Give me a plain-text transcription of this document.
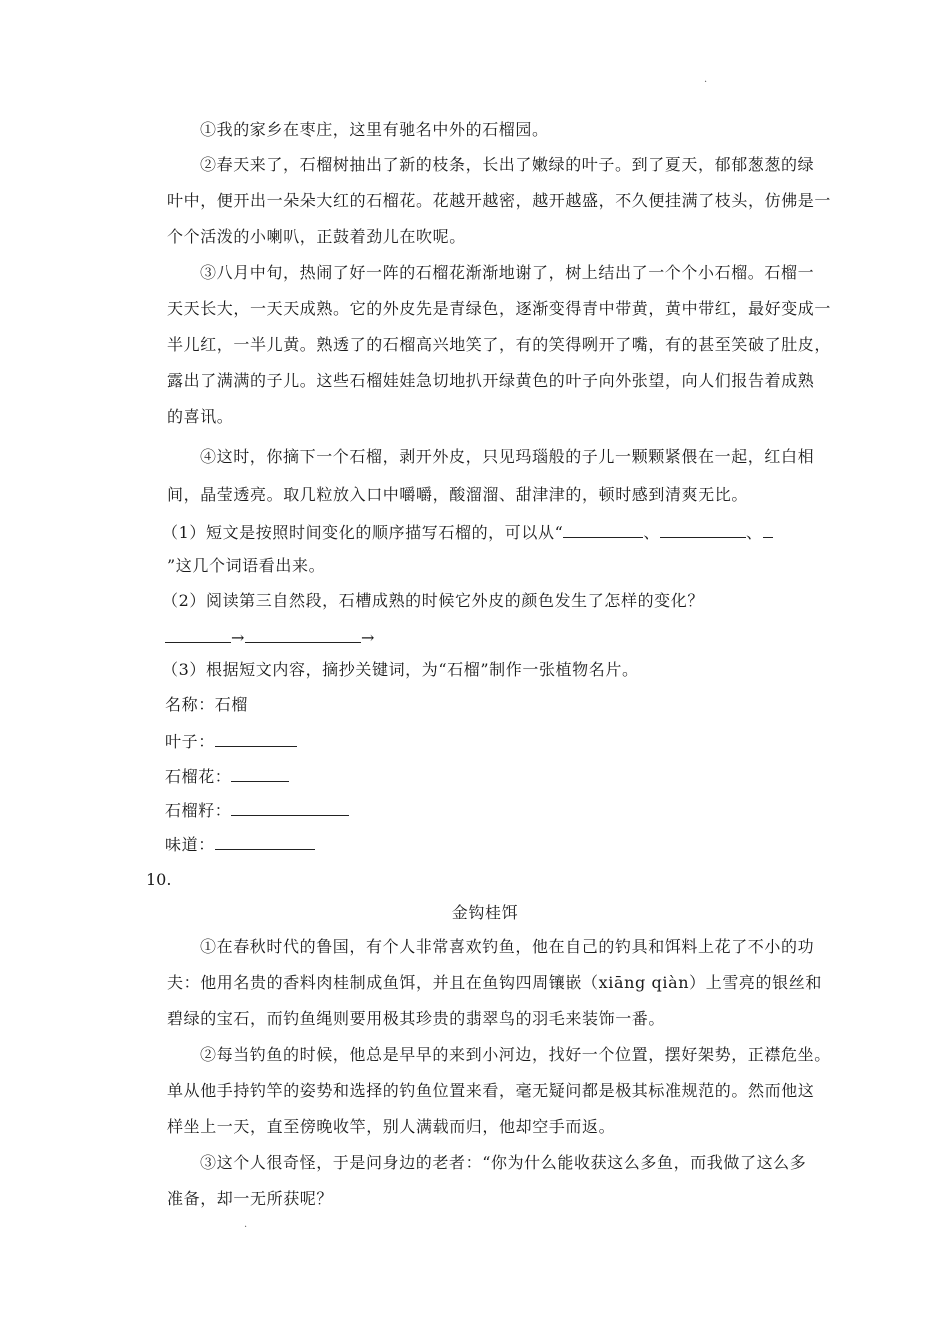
·
①我的家乡在枣庄，这里有驰名中外的石榴园。
②春天来了，石榴树抽出了新的枝条，长出了嫩绿的叶子。到了夏天，郁郁葱葱的绿
叶中，便开出一朵朵大红的石榴花。花越开越密，越开越盛，不久便挂满了枝头，仿佛是一
个个活泼的小喇叭，正鼓着劲儿在吹呢。
③八月中旬，热闹了好一阵的石榴花渐渐地谢了，树上结出了一个个小石榴。石榴一
天天长大，一天天成熟。它的外皮先是青绿色，逐渐变得青中带黄，黄中带红，最好变成一
半儿红，一半儿黄。熟透了的石榴高兴地笑了，有的笑得咧开了嘴，有的甚至笑破了肚皮，
露出了满满的子儿。这些石榴娃娃急切地扒开绿黄色的叶子向外张望，向人们报告着成熟
的喜讯。
④这时，你摘下一个石榴，剥开外皮，只见玛瑙般的子儿一颗颗紧偎在一起，红白相
间，晶莹透亮。取几粒放入口中嚼嚼，酸溜溜、甜津津的，顿时感到清爽无比。
（1）短文是按照时间变化的顺序描写石榴的，可以从“	、	、
”这几个词语看出来。
（2）阅读第三自然段，石槽成熟的时候它外皮的颜色发生了怎样的变化？
→	→
（3）根据短文内容，摘抄关键词，为“石榴”制作一张植物名片。
名称：石榴
叶子：
石榴花：
石榴籽：
味道：
10.
金钩桂饵
①在春秋时代的鲁国，有个人非常喜欢钓鱼，他在自己的钓具和饵料上花了不小的功
夫：他用名贵的香料肉桂制成鱼饵，并且在鱼钩四周镶嵌（xiāng qiàn）上雪亮的银丝和
碧绿的宝石，而钓鱼绳则要用极其珍贵的翡翠鸟的羽毛来装饰一番。
②每当钓鱼的时候，他总是早早的来到小河边，找好一个位置，摆好架势，正襟危坐。
单从他手持钓竿的姿势和选择的钓鱼位置来看，毫无疑问都是极其标准规范的。然而他这
样坐上一天，直至傍晚收竿，别人满载而归，他却空手而返。
③这个人很奇怪，于是问身边的老者：“你为什么能收获这么多鱼，而我做了这么多
准备，却一无所获呢？
·
